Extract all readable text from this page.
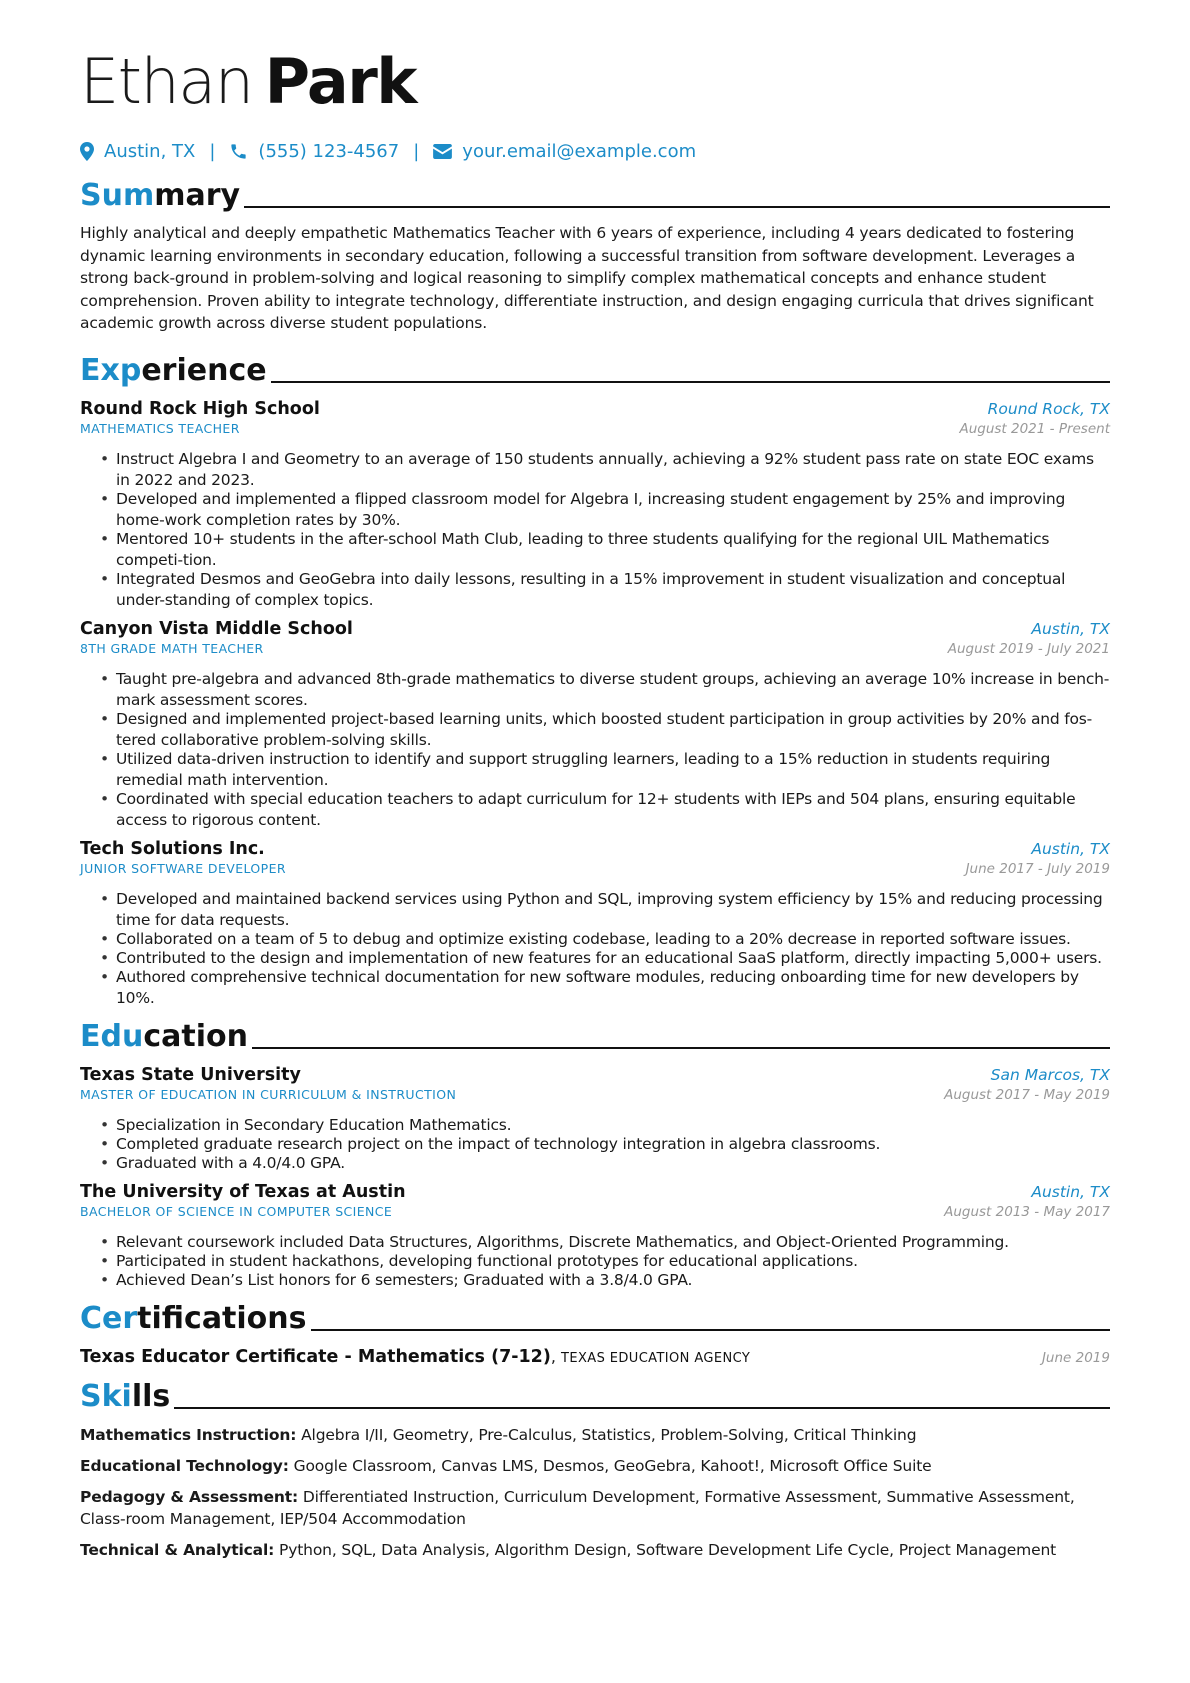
Ethan Park
Austin, TX | (555) 123-4567 | your.email@example.com
Summary
Highly analytical and deeply empathetic Mathematics Teacher with 6 years of experience, including 4 years dedicated to fostering dynamic learning environments in secondary education, following a successful transition from software development. Leverages a strong back-ground in problem-solving and logical reasoning to simplify complex mathematical concepts and enhance student comprehension. Proven ability to integrate technology, differentiate instruction, and design engaging curricula that drives significant academic growth across diverse student populations.
Experience
Round Rock High School	Round Rock, TX
MATHEMATICS TEACHER	August 2021 - Present
• Instruct Algebra I and Geometry to an average of 150 students annually, achieving a 92% student pass rate on state EOC exams in 2022 and 2023.
• Developed and implemented a flipped classroom model for Algebra I, increasing student engagement by 25% and improving home-work completion rates by 30%.
• Mentored 10+ students in the after-school Math Club, leading to three students qualifying for the regional UIL Mathematics competi-tion.
• Integrated Desmos and GeoGebra into daily lessons, resulting in a 15% improvement in student visualization and conceptual under-standing of complex topics.
Canyon Vista Middle School	Austin, TX
8TH GRADE MATH TEACHER	August 2019 - July 2021
• Taught pre-algebra and advanced 8th-grade mathematics to diverse student groups, achieving an average 10% increase in bench-mark assessment scores.
• Designed and implemented project-based learning units, which boosted student participation in group activities by 20% and fos-tered collaborative problem-solving skills.
• Utilized data-driven instruction to identify and support struggling learners, leading to a 15% reduction in students requiring remedial math intervention.
• Coordinated with special education teachers to adapt curriculum for 12+ students with IEPs and 504 plans, ensuring equitable access to rigorous content.
Tech Solutions Inc.	Austin, TX
JUNIOR SOFTWARE DEVELOPER	June 2017 - July 2019
• Developed and maintained backend services using Python and SQL, improving system efficiency by 15% and reducing processing time for data requests.
• Collaborated on a team of 5 to debug and optimize existing codebase, leading to a 20% decrease in reported software issues.
• Contributed to the design and implementation of new features for an educational SaaS platform, directly impacting 5,000+ users.
• Authored comprehensive technical documentation for new software modules, reducing onboarding time for new developers by 10%.
Education
Texas State University	San Marcos, TX
MASTER OF EDUCATION IN CURRICULUM & INSTRUCTION	August 2017 - May 2019
• Specialization in Secondary Education Mathematics.
• Completed graduate research project on the impact of technology integration in algebra classrooms.
• Graduated with a 4.0/4.0 GPA.
The University of Texas at Austin	Austin, TX
BACHELOR OF SCIENCE IN COMPUTER SCIENCE	August 2013 - May 2017
• Relevant coursework included Data Structures, Algorithms, Discrete Mathematics, and Object-Oriented Programming.
• Participated in student hackathons, developing functional prototypes for educational applications.
• Achieved Dean’s List honors for 6 semesters; Graduated with a 3.8/4.0 GPA.
Certifications
Texas Educator Certificate - Mathematics (7-12), TEXAS EDUCATION AGENCY	June 2019
Skills
Mathematics Instruction: Algebra I/II, Geometry, Pre-Calculus, Statistics, Problem-Solving, Critical Thinking
Educational Technology: Google Classroom, Canvas LMS, Desmos, GeoGebra, Kahoot!, Microsoft Office Suite
Pedagogy & Assessment: Differentiated Instruction, Curriculum Development, Formative Assessment, Summative Assessment, Class-room Management, IEP/504 Accommodation
Technical & Analytical: Python, SQL, Data Analysis, Algorithm Design, Software Development Life Cycle, Project Management
